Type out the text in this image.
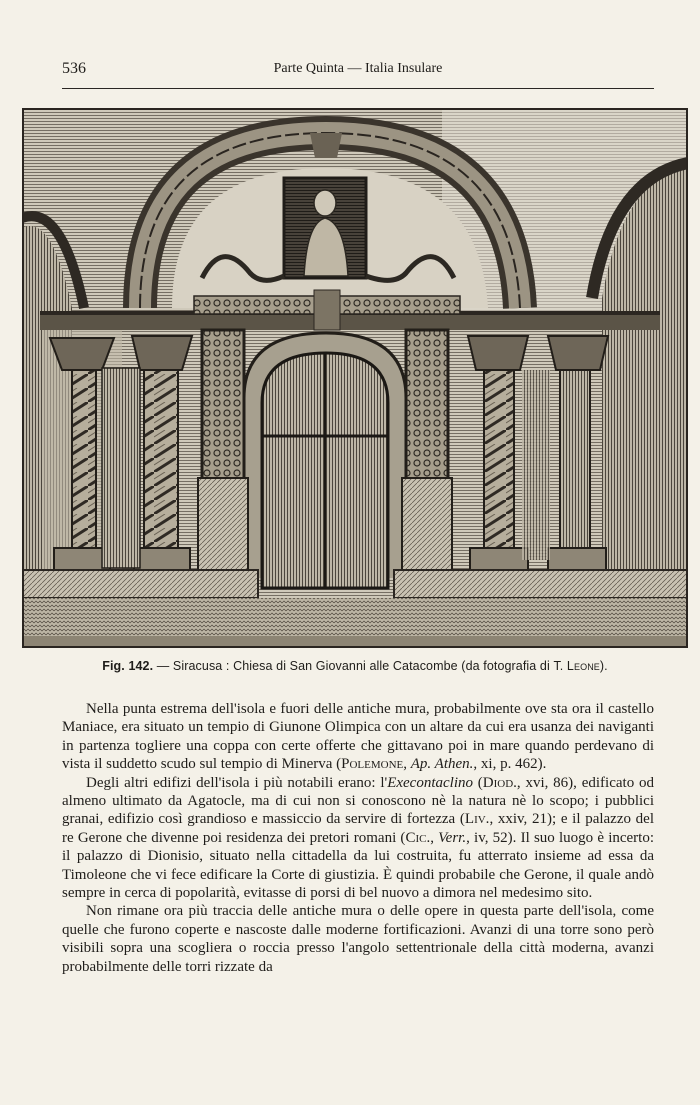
536	Parte Quinta — Italia Insulare
Fig. 142. — Siracusa : Chiesa di San Giovanni alle Catacombe (da fotografia di T. Leone).

Nella punta estrema dell'isola e fuori delle antiche mura, probabilmente ove sta ora il castello Maniace, era situato un tempio di Giunone Olimpica con un altare da cui era usanza dei naviganti in partenza togliere una coppa con certe offerte che gittavano poi in mare quando perdevano di vista il suddetto scudo sul tempio di Minerva (Polemone, Ap. Athen., xi, p. 462).

Degli altri edifizi dell'isola i più notabili erano: l'Execontaclino (Diod., xvi, 86), edificato od almeno ultimato da Agatocle, ma di cui non si conoscono nè la natura nè lo scopo; i pubblici granai, edifizio così grandioso e massiccio da servire di fortezza (Liv., xxiv, 21); e il palazzo del re Gerone che divenne poi residenza dei pretori romani (Cic., Verr., iv, 52). Il suo luogo è incerto: il palazzo di Dionisio, situato nella cittadella da lui costruita, fu atterrato insieme ad essa da Timoleone che vi fece edificare la Corte di giustizia. È quindi probabile che Gerone, il quale andò sempre in cerca di popolarità, evitasse di porsi di bel nuovo a dimora nel medesimo sito.

Non rimane ora più traccia delle antiche mura o delle opere in questa parte dell'isola, come quelle che furono coperte e nascoste dalle moderne fortificazioni. Avanzi di una torre sono però visibili sopra una scogliera o roccia presso l'angolo settentrionale della città moderna, avanzi probabilmente delle torri rizzate da
